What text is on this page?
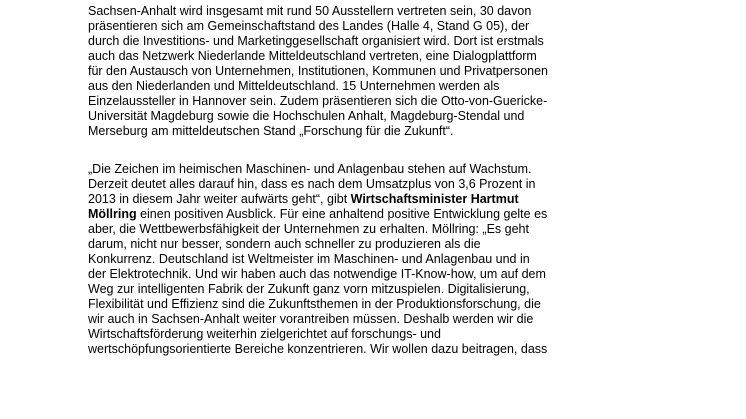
Sachsen-Anhalt wird insgesamt mit rund 50 Ausstellern vertreten sein, 30 davon
präsentieren sich am Gemeinschaftstand des Landes (Halle 4, Stand G 05), der
durch die Investitions- und Marketinggesellschaft organisiert wird. Dort ist erstmals
auch das Netzwerk Niederlande Mitteldeutschland vertreten, eine Dialogplattform
für den Austausch von Unternehmen, Institutionen, Kommunen und Privatpersonen
aus den Niederlanden und Mitteldeutschland. 15 Unternehmen werden als
Einzelaussteller in Hannover sein. Zudem präsentieren sich die Otto-von-Guericke-
Universität Magdeburg sowie die Hochschulen Anhalt, Magdeburg-Stendal und
Merseburg am mitteldeutschen Stand „Forschung für die Zukunft“.
„Die Zeichen im heimischen Maschinen- und Anlagenbau stehen auf Wachstum.
Derzeit deutet alles darauf hin, dass es nach dem Umsatzplus von 3,6 Prozent in
2013 in diesem Jahr weiter aufwärts geht“, gibt Wirtschaftsminister Hartmut
Möllring einen positiven Ausblick. Für eine anhaltend positive Entwicklung gelte es
aber, die Wettbewerbsfähigkeit der Unternehmen zu erhalten. Möllring: „Es geht
darum, nicht nur besser, sondern auch schneller zu produzieren als die
Konkurrenz. Deutschland ist Weltmeister im Maschinen- und Anlagenbau und in
der Elektrotechnik. Und wir haben auch das notwendige IT-Know-how, um auf dem
Weg zur intelligenten Fabrik der Zukunft ganz vorn mitzuspielen. Digitalisierung,
Flexibilität und Effizienz sind die Zukunftsthemen in der Produktionsforschung, die
wir auch in Sachsen-Anhalt weiter vorantreiben müssen. Deshalb werden wir die
Wirtschaftsförderung weiterhin zielgerichtet auf forschungs- und
wertschöpfungsorientierte Bereiche konzentrieren. Wir wollen dazu beitragen, dass
